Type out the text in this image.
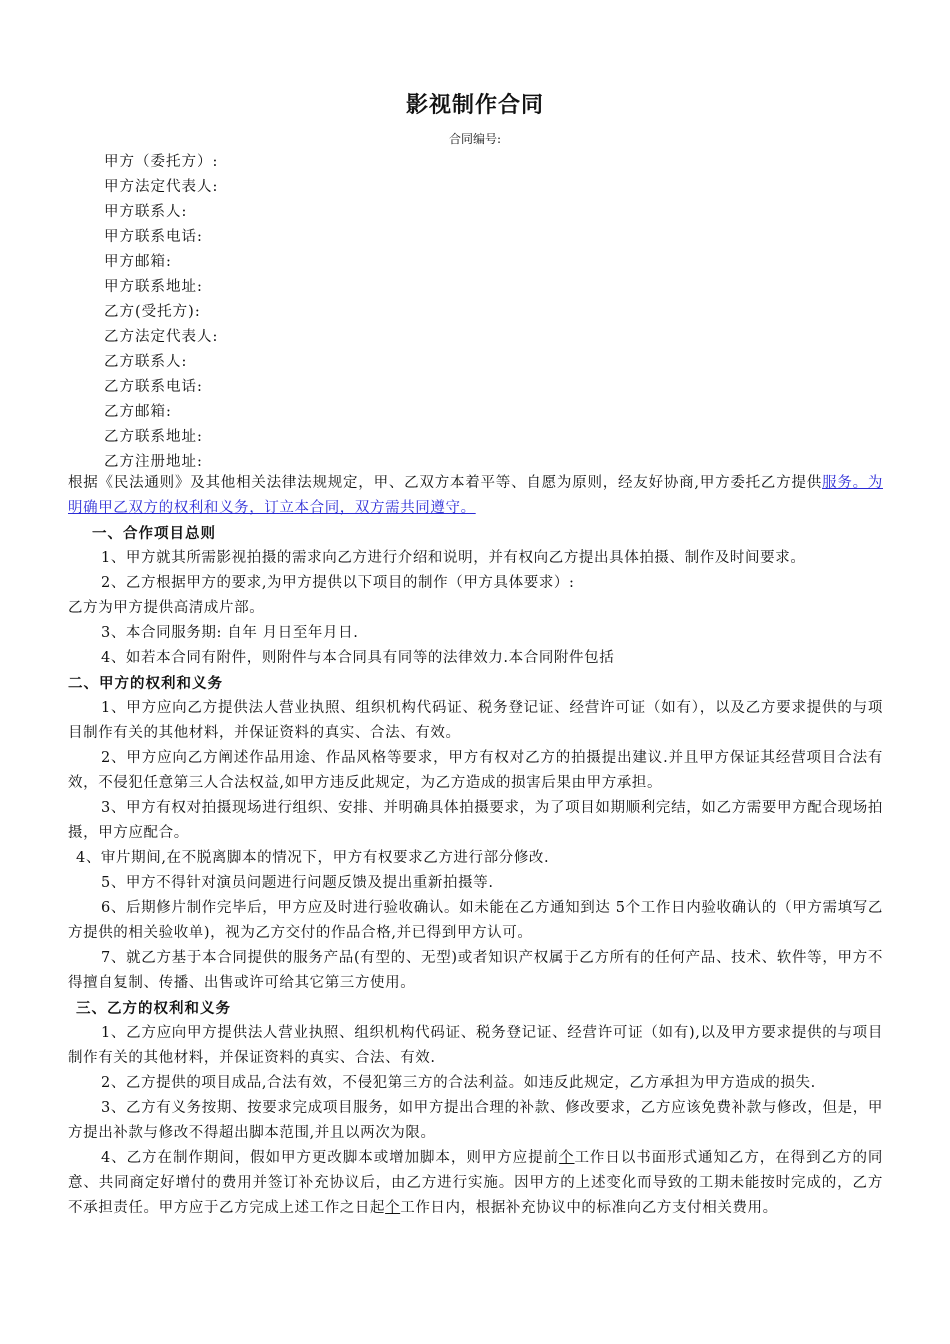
影视制作合同
合同编号:
甲方（委托方）:
甲方法定代表人:
甲方联系人:
甲方联系电话:
甲方邮箱:
甲方联系地址:
乙方(受托方):
乙方法定代表人:
乙方联系人:
乙方联系电话:
乙方邮箱:
乙方联系地址:
乙方注册地址:
根据《民法通则》及其他相关法律法规规定，甲、乙双方本着平等、自愿为原则，经友好协商,甲方委托乙方提供服务。为明确甲乙双方的权利和义务，订立本合同，双方需共同遵守。
一、合作项目总则
1、甲方就其所需影视拍摄的需求向乙方进行介绍和说明，并有权向乙方提出具体拍摄、制作及时间要求。
2、乙方根据甲方的要求,为甲方提供以下项目的制作（甲方具体要求）:
乙方为甲方提供高清成片部。
3、本合同服务期: 自年 月日至年月日.
4、如若本合同有附件，则附件与本合同具有同等的法律效力.本合同附件包括
二、甲方的权利和义务
1、甲方应向乙方提供法人营业执照、组织机构代码证、税务登记证、经营许可证（如有），以及乙方要求提供的与项目制作有关的其他材料，并保证资料的真实、合法、有效。
2、甲方应向乙方阐述作品用途、作品风格等要求，甲方有权对乙方的拍摄提出建议.并且甲方保证其经营项目合法有效，不侵犯任意第三人合法权益,如甲方违反此规定，为乙方造成的损害后果由甲方承担。
3、甲方有权对拍摄现场进行组织、安排、并明确具体拍摄要求，为了项目如期顺利完结，如乙方需要甲方配合现场拍摄，甲方应配合。
4、审片期间,在不脱离脚本的情况下，甲方有权要求乙方进行部分修改.
5、甲方不得针对演员问题进行问题反馈及提出重新拍摄等.
6、后期修片制作完毕后，甲方应及时进行验收确认。如未能在乙方通知到达 5个工作日内验收确认的（甲方需填写乙方提供的相关验收单)，视为乙方交付的作品合格,并已得到甲方认可。
7、就乙方基于本合同提供的服务产品(有型的、无型)或者知识产权属于乙方所有的任何产品、技术、软件等，甲方不得擅自复制、传播、出售或许可给其它第三方使用。
三、乙方的权利和义务
1、乙方应向甲方提供法人营业执照、组织机构代码证、税务登记证、经营许可证（如有),以及甲方要求提供的与项目制作有关的其他材料，并保证资料的真实、合法、有效.
2、乙方提供的项目成品,合法有效，不侵犯第三方的合法利益。如违反此规定，乙方承担为甲方造成的损失.
3、乙方有义务按期、按要求完成项目服务，如甲方提出合理的补款、修改要求，乙方应该免费补款与修改，但是，甲方提出补款与修改不得超出脚本范围,并且以两次为限。
4、乙方在制作期间，假如甲方更改脚本或增加脚本，则甲方应提前个工作日以书面形式通知乙方，在得到乙方的同意、共同商定好增付的费用并签订补充协议后，由乙方进行实施。因甲方的上述变化而导致的工期未能按时完成的，乙方不承担责任。甲方应于乙方完成上述工作之日起个工作日内，根据补充协议中的标准向乙方支付相关费用。
